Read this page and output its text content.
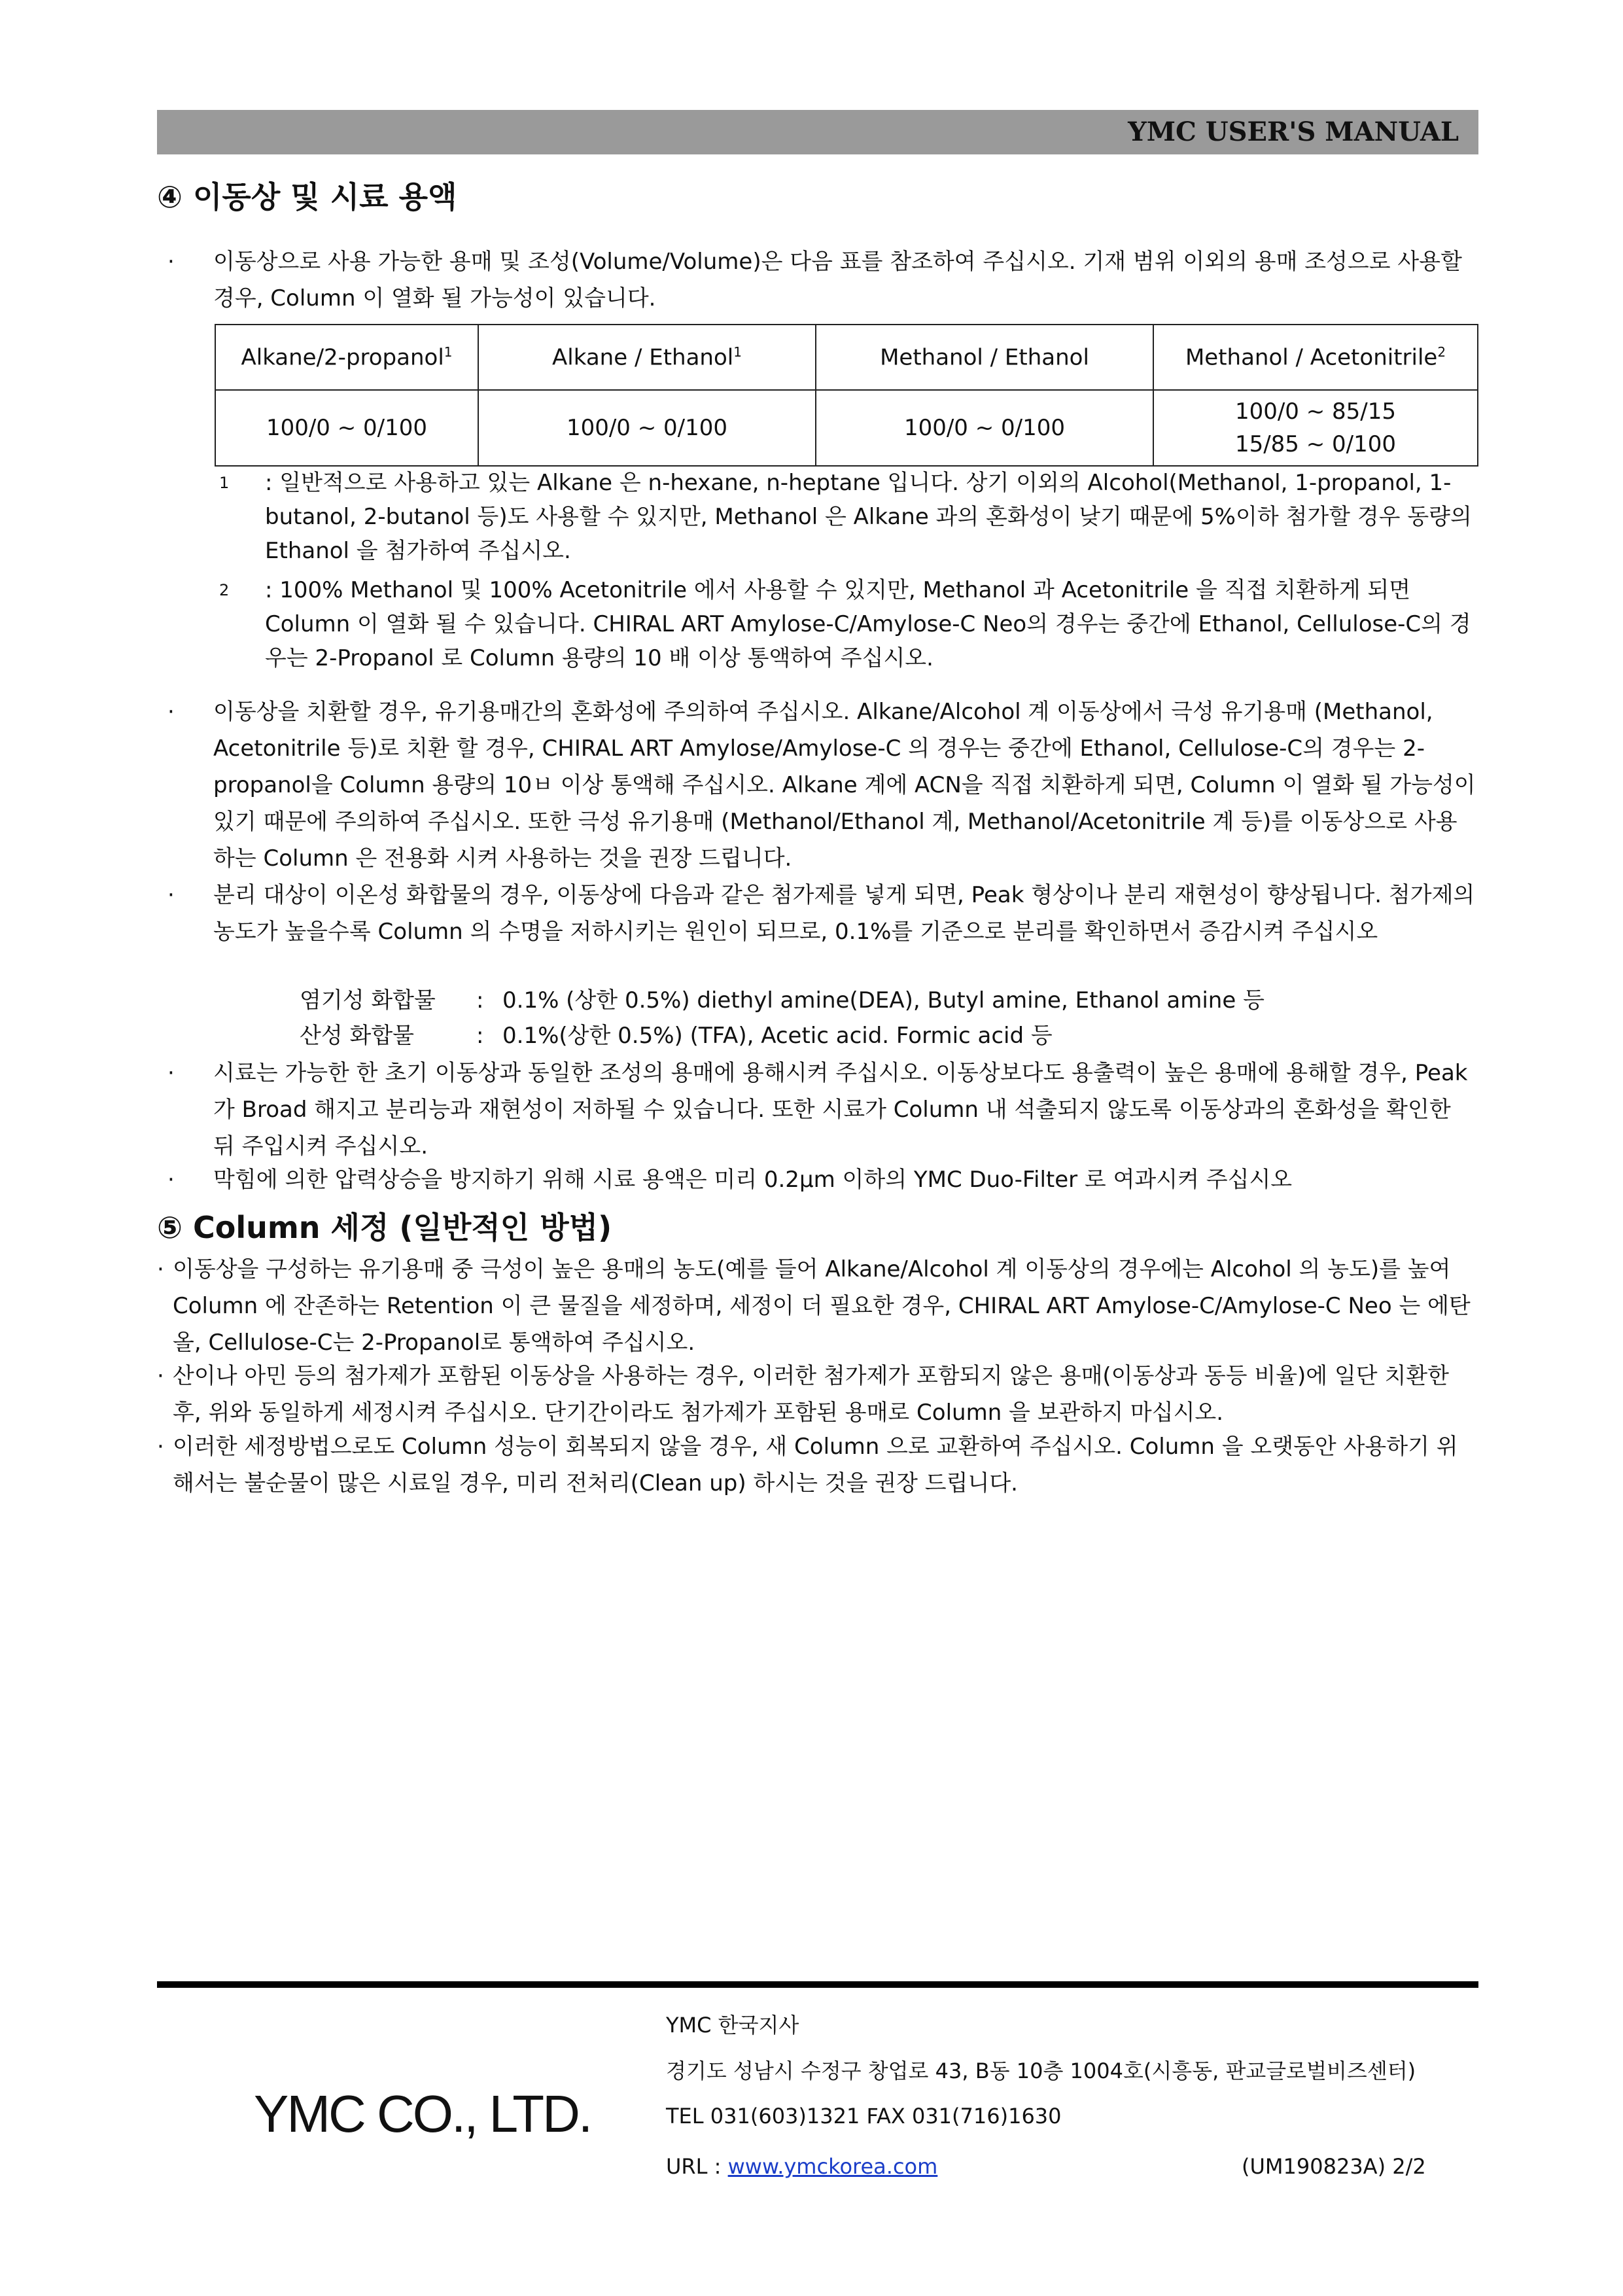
YMC USER'S MANUAL
④ 이동상 및 시료 용액
·	이동상으로 사용 가능한 용매 및 조성(Volume/Volume)은 다음 표를 참조하여 주십시오. 기재 범위 이외의 용매 조성으로 사용할 경우, Column 이 열화 될 가능성이 있습니다.
Alkane/2-propanol$^1$	Alkane / Ethanol$^1$	Methanol / Ethanol	Methanol / Acetonitrile$^2$
100/0 ~ 0/100	100/0 ~ 0/100	100/0 ~ 0/100	100/0 ~ 85/15
15/85 ~ 0/100
1	: 일반적으로 사용하고 있는 Alkane 은 n-hexane, n-heptane 입니다. 상기 이외의 Alcohol(Methanol, 1-propanol, 1-butanol, 2-butanol 등)도 사용할 수 있지만, Methanol 은 Alkane 과의 혼화성이 낮기 때문에 5%이하 첨가할 경우 동량의 Ethanol 을 첨가하여 주십시오.
2	: 100% Methanol 및 100% Acetonitrile 에서 사용할 수 있지만, Methanol 과 Acetonitrile 을 직접 치환하게 되면 Column 이 열화 될 수 있습니다. CHIRAL ART Amylose-C/Amylose-C Neo의 경우는 중간에 Ethanol, Cellulose-C의 경우는 2-Propanol 로 Column 용량의 10 배 이상 통액하여 주십시오.
·	이동상을 치환할 경우, 유기용매간의 혼화성에 주의하여 주십시오. Alkane/Alcohol 계 이동상에서 극성 유기용매 (Methanol, Acetonitrile 등)로 치환 할 경우, CHIRAL ART Amylose/Amylose-C 의 경우는 중간에 Ethanol, Cellulose-C의 경우는 2-propanol을 Column 용량의 10ㅂ 이상 통액해 주십시오. Alkane 계에 ACN을 직접 치환하게 되면, Column 이 열화 될 가능성이 있기 때문에 주의하여 주십시오. 또한 극성 유기용매 (Methanol/Ethanol 계, Methanol/Acetonitrile 계 등)를 이동상으로 사용하는 Column 은 전용화 시켜 사용하는 것을 권장 드립니다.
·	분리 대상이 이온성 화합물의 경우, 이동상에 다음과 같은 첨가제를 넣게 되면, Peak 형상이나 분리 재현성이 향상됩니다. 첨가제의 농도가 높을수록 Column 의 수명을 저하시키는 원인이 되므로, 0.1%를 기준으로 분리를 확인하면서 증감시켜 주십시오
염기성 화합물	: 0.1% (상한 0.5%) diethyl amine(DEA), Butyl amine, Ethanol amine 등
산성 화합물	: 0.1%(상한 0.5%) (TFA), Acetic acid. Formic acid 등
·	시료는 가능한 한 초기 이동상과 동일한 조성의 용매에 용해시켜 주십시오. 이동상보다도 용출력이 높은 용매에 용해할 경우, Peak 가 Broad 해지고 분리능과 재현성이 저하될 수 있습니다. 또한 시료가 Column 내 석출되지 않도록 이동상과의 혼화성을 확인한 뒤 주입시켜 주십시오.
·	막힘에 의한 압력상승을 방지하기 위해 시료 용액은 미리 0.2μm 이하의 YMC Duo-Filter 로 여과시켜 주십시오
⑤ Column 세정 (일반적인 방법)
· 이동상을 구성하는 유기용매 중 극성이 높은 용매의 농도(예를 들어 Alkane/Alcohol 계 이동상의 경우에는 Alcohol 의 농도)를 높여 Column 에 잔존하는 Retention 이 큰 물질을 세정하며, 세정이 더 필요한 경우, CHIRAL ART Amylose-C/Amylose-C Neo 는 에탄올, Cellulose-C는 2-Propanol로 통액하여 주십시오.
· 산이나 아민 등의 첨가제가 포함된 이동상을 사용하는 경우, 이러한 첨가제가 포함되지 않은 용매(이동상과 동등 비율)에 일단 치환한 후, 위와 동일하게 세정시켜 주십시오. 단기간이라도 첨가제가 포함된 용매로 Column 을 보관하지 마십시오.
· 이러한 세정방법으로도 Column 성능이 회복되지 않을 경우, 새 Column 으로 교환하여 주십시오. Column 을 오랫동안 사용하기 위해서는 불순물이 많은 시료일 경우, 미리 전처리(Clean up) 하시는 것을 권장 드립니다.
YMC CO., LTD.
YMC 한국지사
경기도 성남시 수정구 창업로 43, B동 10층 1004호(시흥동, 판교글로벌비즈센터)
TEL 031(603)1321 FAX 031(716)1630
URL : www.ymckorea.com	(UM190823A) 2/2
